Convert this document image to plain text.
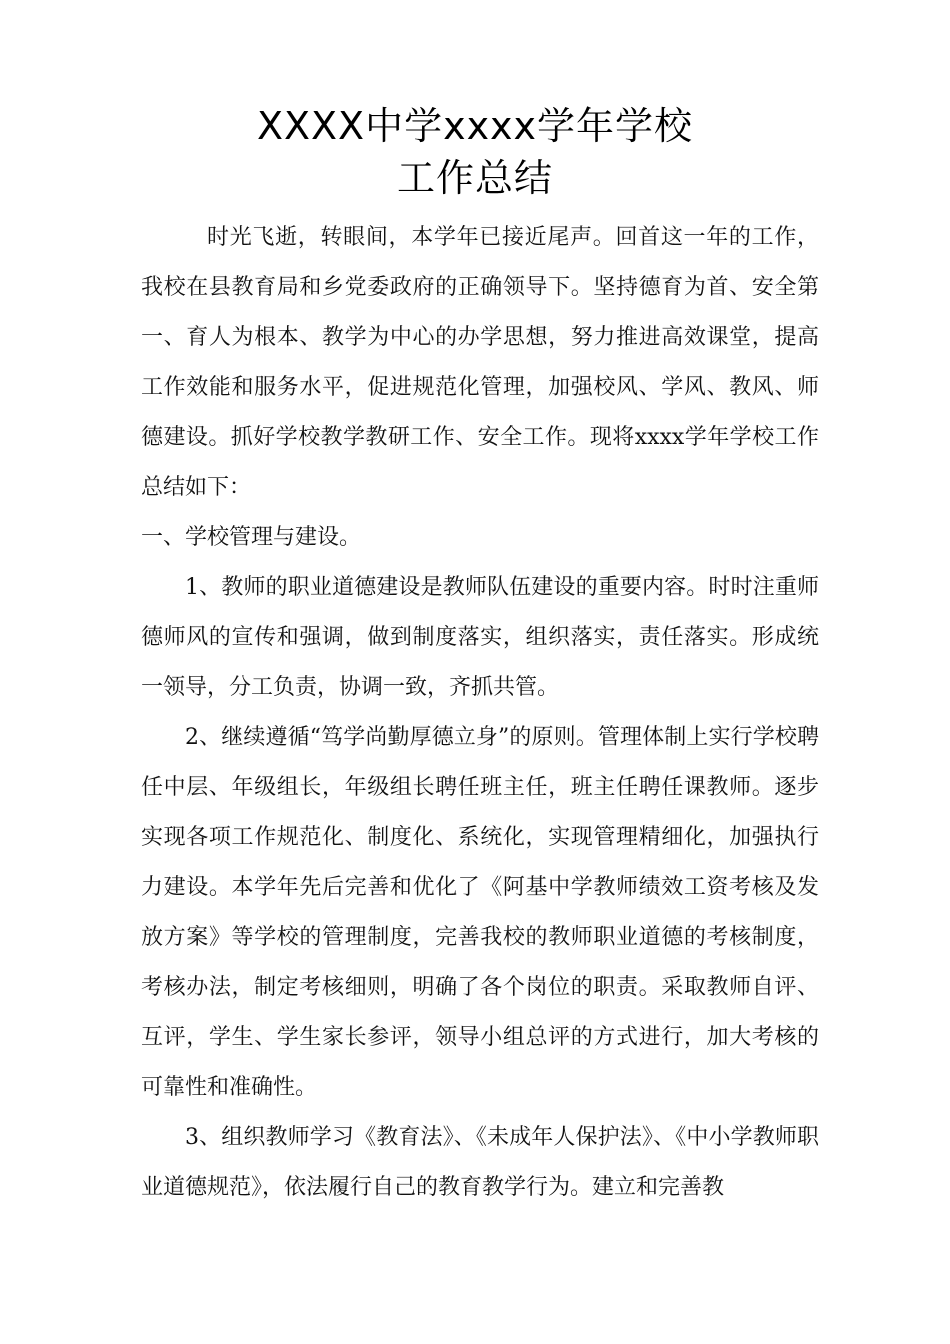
XXXX中学xxxx学年学校
工作总结

时光飞逝，转眼间，本学年已接近尾声。回首这一年的工作，我校在县教育局和乡党委政府的正确领导下。坚持德育为首、安全第一、育人为根本、教学为中心的办学思想，努力推进高效课堂，提高工作效能和服务水平，促进规范化管理，加强校风、学风、教风、师德建设。抓好学校教学教研工作、安全工作。现将xxxx学年学校工作总结如下：

一、学校管理与建设。

1、教师的职业道德建设是教师队伍建设的重要内容。时时注重师德师风的宣传和强调，做到制度落实，组织落实，责任落实。形成统一领导，分工负责，协调一致，齐抓共管。

2、继续遵循“笃学尚勤厚德立身”的原则。管理体制上实行学校聘任中层、年级组长，年级组长聘任班主任，班主任聘任课教师。逐步实现各项工作规范化、制度化、系统化，实现管理精细化，加强执行力建设。本学年先后完善和优化了《阿基中学教师绩效工资考核及发放方案》等学校的管理制度，完善我校的教师职业道德的考核制度，考核办法，制定考核细则，明确了各个岗位的职责。采取教师自评、互评，学生、学生家长参评，领导小组总评的方式进行，加大考核的可靠性和准确性。

3、组织教师学习《教育法》、《未成年人保护法》、《中小学教师职业道德规范》，依法履行自己的教育教学行为。建立和完善教
